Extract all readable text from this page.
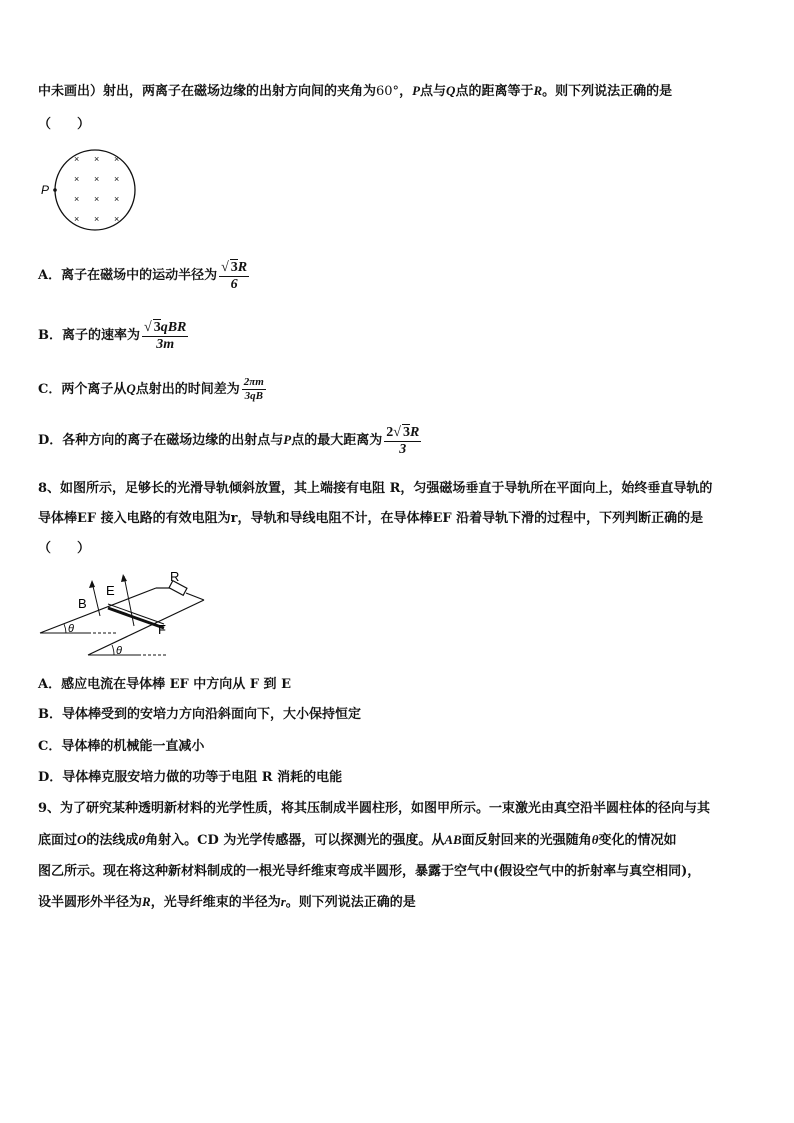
中未画出）射出，两离子在磁场边缘的出射方向间的夹角为60°，P点与Q点的距离等于R。则下列说法正确的是
（　　）
P
× × ×
× × ×
× × ×
× × ×
A．离子在磁场中的运动半径为 $\frac{√ 3R}{6}$
B．离子的速率为 $\frac{\text{√ 3qBR}}{3m}$
C．两个离子从Q点射出的时间差为 $\frac{2\pi m}{3qB}$
D．各种方向的离子在磁场边缘的出射点与P点的最大距离为 $\frac{2√ 3R}{3}$
8、如图所示，足够长的光滑导轨倾斜放置，其上端接有电阻 R，匀强磁场垂直于导轨所在平面向上，始终垂直导轨的
导体棒EF 接入电路的有效电阻为r，导轨和导线电阻不计，在导体棒EF 沿着导轨下滑的过程中，下列判断正确的是
（　　）
B
E
F
R
θ
θ
A．感应电流在导体棒 EF 中方向从 F 到 E
B．导体棒受到的安培力方向沿斜面向下，大小保持恒定
C．导体棒的机械能一直减小
D．导体棒克服安培力做的功等于电阻 R 消耗的电能
9、为了研究某种透明新材料的光学性质，将其压制成半圆柱形，如图甲所示。一束激光由真空沿半圆柱体的径向与其
底面过O的法线成θ角射入。CD 为光学传感器，可以探测光的强度。从AB面反射回来的光强随角θ变化的情况如
图乙所示。现在将这种新材料制成的一根光导纤维束弯成半圆形，暴露于空气中(假设空气中的折射率与真空相同)，
设半圆形外半径为R，光导纤维束的半径为r。则下列说法正确的是
